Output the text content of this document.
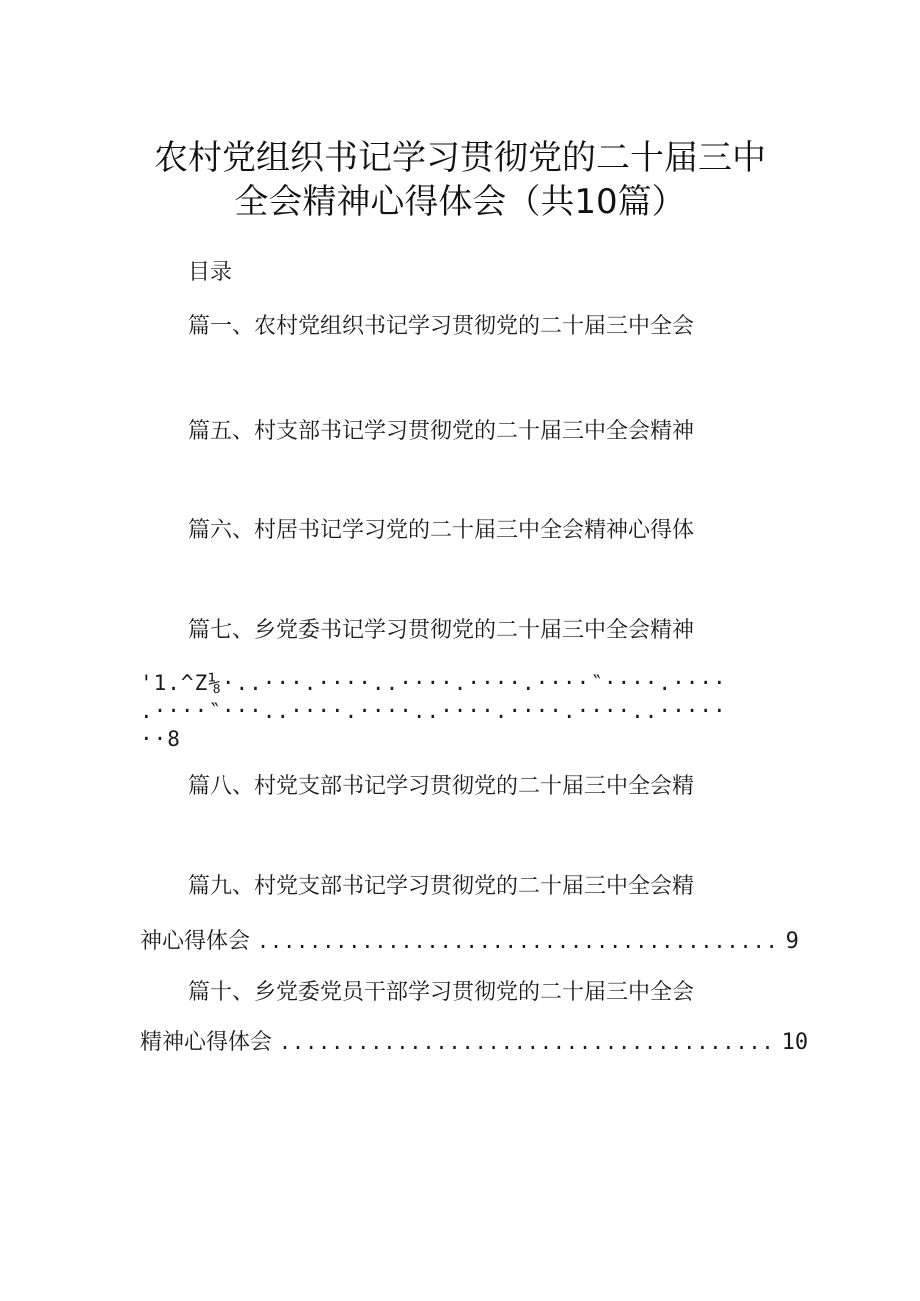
农村党组织书记学习贯彻党的二十届三中
全会精神心得体会（共10篇）
目录
篇一、农村党组织书记学习贯彻党的二十届三中全会
篇五、村支部书记学习贯彻党的二十届三中全会精神
篇六、村居书记学习党的二十届三中全会精神心得体
篇七、乡党委书记学习贯彻党的二十届三中全会精神
'1.^Z⅛·..···.····..····.····.····‶····.····
.····‶···..····.····..····.····.····..·····
··8
篇八、村党支部书记学习贯彻党的二十届三中全会精
篇九、村党支部书记学习贯彻党的二十届三中全会精
神心得体会 ........................................ 9
篇十、乡党委党员干部学习贯彻党的二十届三中全会
精神心得体会 ...................................... 10
